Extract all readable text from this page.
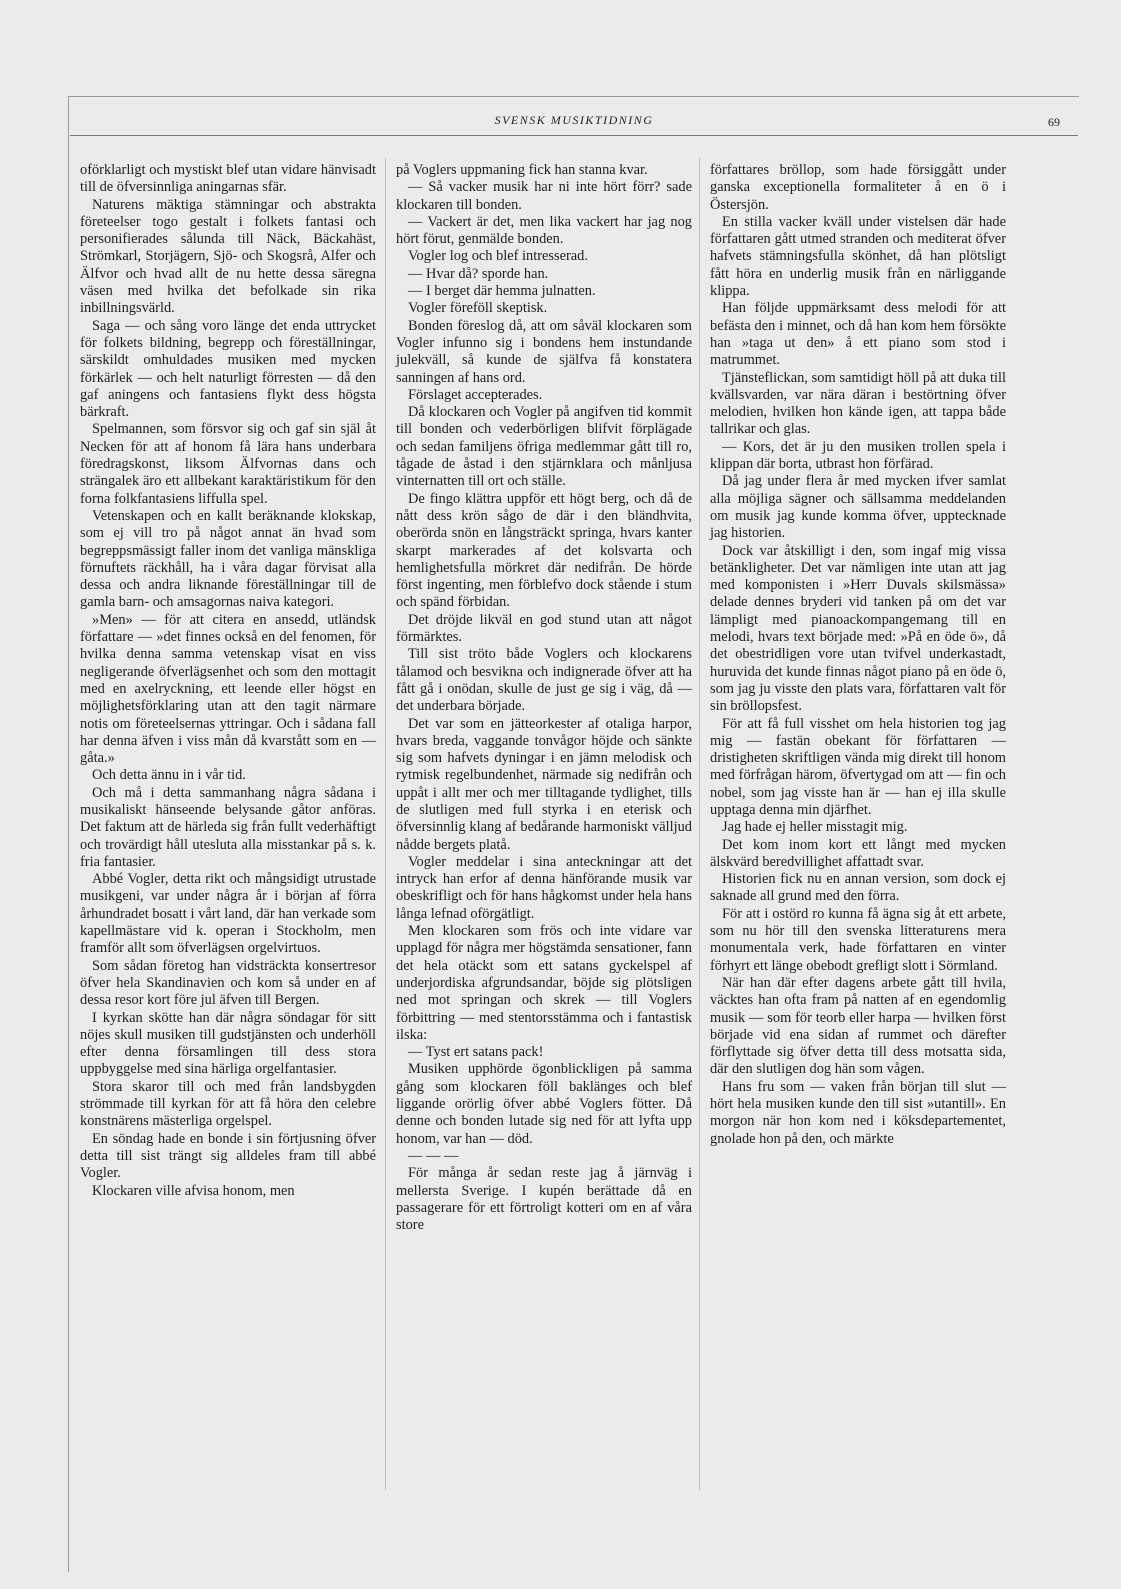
SVENSK MUSIKTIDNING	69

oförklarligt och mystiskt blef utan vidare hänvisadt till de öfversinnliga aningarnas sfär.

Naturens mäktiga stämningar och abstrakta företeelser togo gestalt i folkets fantasi och personifierades sålunda till Näck, Bäckahäst, Strömkarl, Storjägern, Sjö- och Skogsrå, Alfer och Älfvor och hvad allt de nu hette dessa säregna väsen med hvilka det befolkade sin rika inbillningsvärld.

Saga — och sång voro länge det enda uttrycket för folkets bildning, begrepp och föreställningar, särskildt omhuldades musiken med mycken förkärlek — och helt naturligt förresten — då den gaf aningens och fantasiens flykt dess högsta bärkraft.

Spelmannen, som försvor sig och gaf sin själ åt Necken för att af honom få lära hans underbara föredragskonst, liksom Älfvornas dans och strängalek äro ett allbekant karaktäristikum för den forna folkfantasiens liffulla spel.

Vetenskapen och en kallt beräknande klokskap, som ej vill tro på något annat än hvad som begreppsmässigt faller inom det vanliga mänskliga förnuftets räckhåll, ha i våra dagar förvisat alla dessa och andra liknande föreställningar till de gamla barn- och amsagornas naiva kategori.

»Men» — för att citera en ansedd, utländsk författare — »det finnes också en del fenomen, för hvilka denna samma vetenskap visat en viss negligerande öfverlägsenhet och som den mottagit med en axelryckning, ett leende eller högst en möjlighetsförklaring utan att den tagit närmare notis om företeelsernas yttringar. Och i sådana fall har denna äfven i viss mån då kvarstått som en — gåta.»

Och detta ännu in i vår tid.

Och må i detta sammanhang några sådana i musikaliskt hänseende belysande gåtor anföras. Det faktum att de härleda sig från fullt vederhäftigt och trovärdigt håll utesluta alla misstankar på s. k. fria fantasier.

Abbé Vogler, detta rikt och mångsidigt utrustade musikgeni, var under några år i början af förra århundradet bosatt i vårt land, där han verkade som kapellmästare vid k. operan i Stockholm, men framför allt som öfverlägsen orgelvirtuos.

Som sådan företog han vidsträckta konsertresor öfver hela Skandinavien och kom så under en af dessa resor kort före jul äfven till Bergen.

I kyrkan skötte han där några söndagar för sitt nöjes skull musiken till gudstjänsten och underhöll efter denna församlingen till dess stora uppbyggelse med sina härliga orgelfantasier.

Stora skaror till och med från landsbygden strömmade till kyrkan för att få höra den celebre konstnärens mästerliga orgelspel.

En söndag hade en bonde i sin förtjusning öfver detta till sist trängt sig alldeles fram till abbé Vogler.

Klockaren ville afvisa honom, men

på Voglers uppmaning fick han stanna kvar.

— Så vacker musik har ni inte hört förr? sade klockaren till bonden.

— Vackert är det, men lika vackert har jag nog hört förut, genmälde bonden.

Vogler log och blef intresserad.

— Hvar då? sporde han.

— I berget där hemma julnatten.

Vogler föreföll skeptisk.

Bonden föreslog då, att om såväl klockaren som Vogler infunno sig i bondens hem instundande julekväll, så kunde de själfva få konstatera sanningen af hans ord.

Förslaget accepterades.

Då klockaren och Vogler på angifven tid kommit till bonden och vederbörligen blifvit förplägade och sedan familjens öfriga medlemmar gått till ro, tågade de åstad i den stjärnklara och månljusa vinternatten till ort och ställe.

De fingo klättra uppför ett högt berg, och då de nått dess krön sågo de där i den bländhvita, oberörda snön en långsträckt springa, hvars kanter skarpt markerades af det kolsvarta och hemlighetsfulla mörkret där nedifrån. De hörde först ingenting, men förblefvo dock stående i stum och spänd förbidan.

Det dröjde likväl en god stund utan att något förmärktes.

Till sist tröto både Voglers och klockarens tålamod och besvikna och indignerade öfver att ha fått gå i onödan, skulle de just ge sig i väg, då — det underbara började.

Det var som en jätteorkester af otaliga harpor, hvars breda, vaggande tonvågor höjde och sänkte sig som hafvets dyningar i en jämn melodisk och rytmisk regelbundenhet, närmade sig nedifrån och uppåt i allt mer och mer tilltagande tydlighet, tills de slutligen med full styrka i en eterisk och öfversinnlig klang af bedårande harmoniskt välljud nådde bergets platå.

Vogler meddelar i sina anteckningar att det intryck han erfor af denna hänförande musik var obeskrifligt och för hans hågkomst under hela hans långa lefnad oförgätligt.

Men klockaren som frös och inte vidare var upplagd för några mer högstämda sensationer, fann det hela otäckt som ett satans gyckelspel af underjordiska afgrundsandar, böjde sig plötsligen ned mot springan och skrek — till Voglers förbittring — med stentorsstämma och i fantastisk ilska:

— Tyst ert satans pack!

Musiken upphörde ögonblickligen på samma gång som klockaren föll baklänges och blef liggande orörlig öfver abbé Voglers fötter. Då denne och bonden lutade sig ned för att lyfta upp honom, var han — död.

— — —

För många år sedan reste jag å järnväg i mellersta Sverige. I kupén berättade då en passagerare för ett förtroligt kotteri om en af våra store

författares bröllop, som hade försiggått under ganska exceptionella formaliteter å en ö i Östersjön.

En stilla vacker kväll under vistelsen där hade författaren gått utmed stranden och mediterat öfver hafvets stämningsfulla skönhet, då han plötsligt fått höra en underlig musik från en närliggande klippa.

Han följde uppmärksamt dess melodi för att befästa den i minnet, och då han kom hem försökte han »taga ut den» å ett piano som stod i matrummet.

Tjänsteflickan, som samtidigt höll på att duka till kvällsvarden, var nära däran i bestörtning öfver melodien, hvilken hon kände igen, att tappa både tallrikar och glas.

— Kors, det är ju den musiken trollen spela i klippan där borta, utbrast hon förfärad.

Då jag under flera år med mycken ifver samlat alla möjliga sägner och sällsamma meddelanden om musik jag kunde komma öfver, upptecknade jag historien.

Dock var åtskilligt i den, som ingaf mig vissa betänkligheter. Det var nämligen inte utan att jag med komponisten i »Herr Duvals skilsmässa» delade dennes bryderi vid tanken på om det var lämpligt med pianoackompangemang till en melodi, hvars text började med: »På en öde ö», då det obestridligen vore utan tvifvel underkastadt, huruvida det kunde finnas något piano på en öde ö, som jag ju visste den plats vara, författaren valt för sin bröllopsfest.

För att få full visshet om hela historien tog jag mig — fastän obekant för författaren — dristigheten skriftligen vända mig direkt till honom med förfrågan härom, öfvertygad om att — fin och nobel, som jag visste han är — han ej illa skulle upptaga denna min djärfhet.

Jag hade ej heller misstagit mig.

Det kom inom kort ett långt med mycken älskvärd beredvillighet affattadt svar.

Historien fick nu en annan version, som dock ej saknade all grund med den förra.

För att i ostörd ro kunna få ägna sig åt ett arbete, som nu hör till den svenska litteraturens mera monumentala verk, hade författaren en vinter förhyrt ett länge obebodt grefligt slott i Sörmland.

När han där efter dagens arbete gått till hvila, väcktes han ofta fram på natten af en egendomlig musik — som för teorb eller harpa — hvilken först började vid ena sidan af rummet och därefter förflyttade sig öfver detta till dess motsatta sida, där den slutligen dog hän som vågen.

Hans fru som — vaken från början till slut — hört hela musiken kunde den till sist »utantill». En morgon när hon kom ned i köksdepartementet, gnolade hon på den, och märkte
